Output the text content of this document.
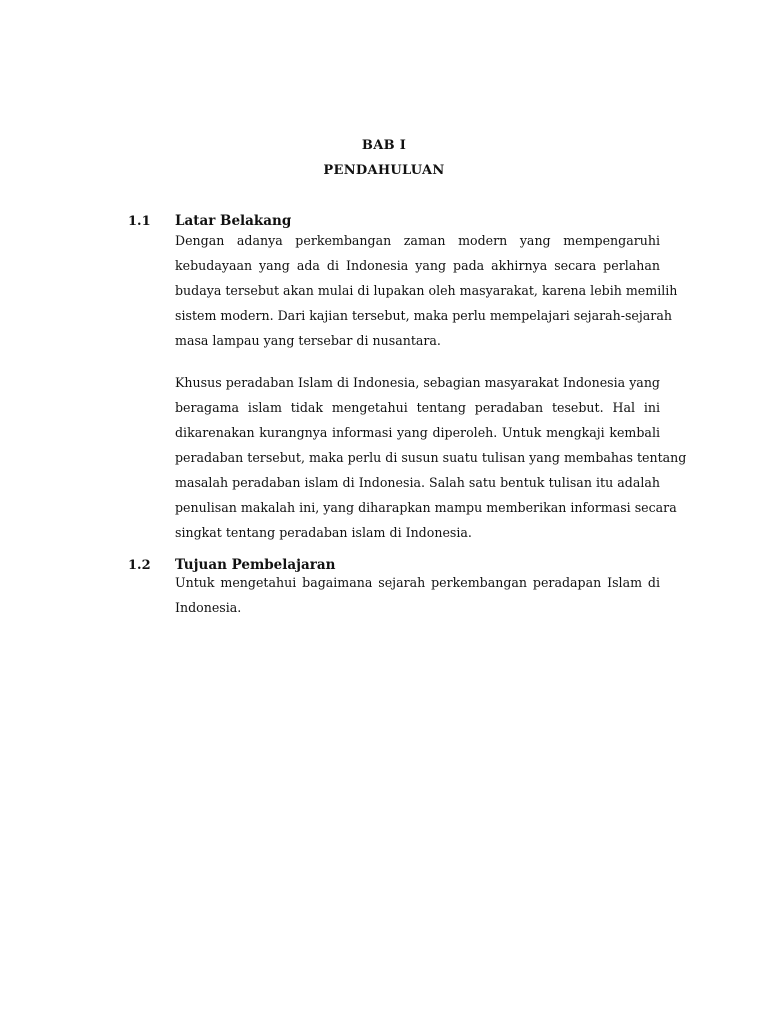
BAB I
PENDAHULUAN
1.1 Latar Belakang
Dengan adanya perkembangan zaman modern yang mempengaruhi
kebudayaan yang ada di Indonesia yang pada akhirnya secara perlahan
budaya tersebut akan mulai di lupakan oleh masyarakat, karena lebih memilih
sistem modern. Dari kajian tersebut, maka perlu mempelajari sejarah-sejarah
masa lampau yang tersebar di nusantara.
Khusus peradaban Islam di Indonesia, sebagian masyarakat Indonesia yang
beragama islam tidak mengetahui tentang peradaban tesebut. Hal ini
dikarenakan kurangnya informasi yang diperoleh. Untuk mengkaji kembali
peradaban tersebut, maka perlu di susun suatu tulisan yang membahas tentang
masalah peradaban islam di Indonesia. Salah satu bentuk tulisan itu adalah
penulisan makalah ini, yang diharapkan mampu memberikan informasi secara
singkat tentang peradaban islam di Indonesia.
1.2 Tujuan Pembelajaran
Untuk mengetahui bagaimana sejarah perkembangan peradapan Islam di
Indonesia.
